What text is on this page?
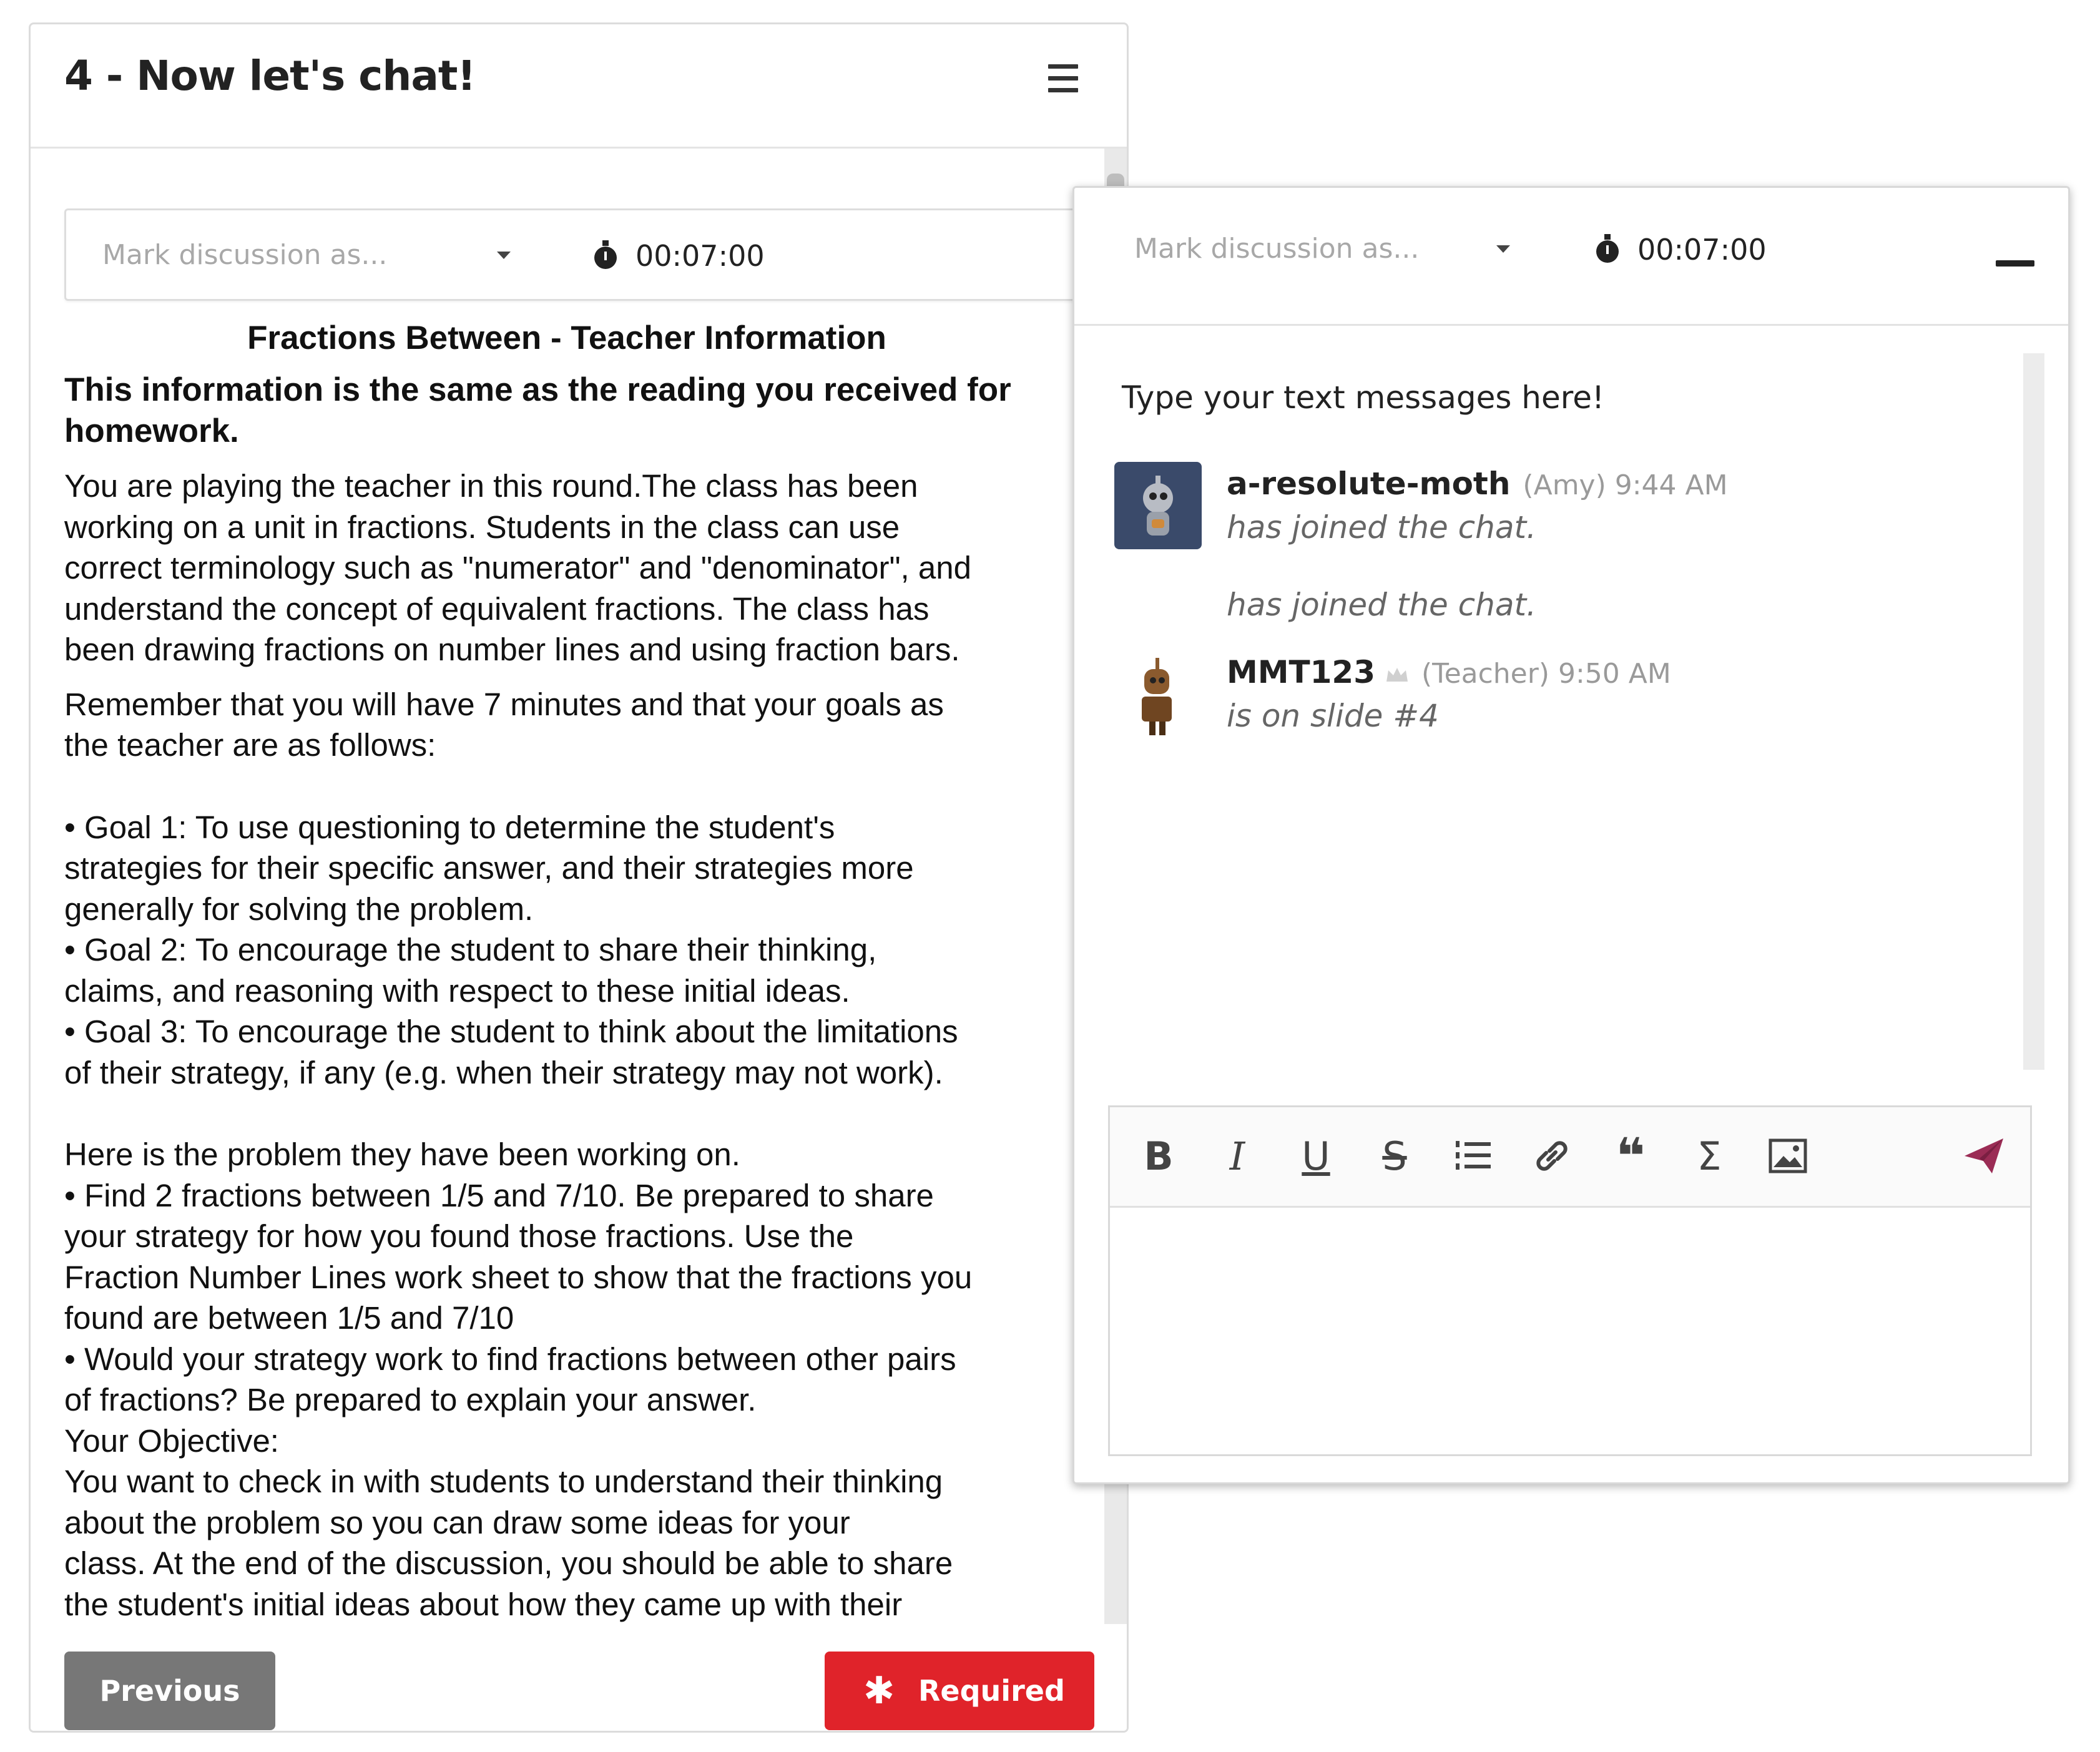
4 - Now let's chat!
Mark discussion as...	00:07:00
Fractions Between - Teacher Information
This information is the same as the reading you received for homework.
You are playing the teacher in this round.The class has been
working on a unit in fractions. Students in the class can use
correct terminology such as "numerator" and "denominator", and
understand the concept of equivalent fractions. The class has
been drawing fractions on number lines and using fraction bars.
Remember that you will have 7 minutes and that your goals as
the teacher are as follows:
• Goal 1: To use questioning to determine the student's
strategies for their specific answer, and their strategies more
generally for solving the problem.
• Goal 2: To encourage the student to share their thinking,
claims, and reasoning with respect to these initial ideas.
• Goal 3: To encourage the student to think about the limitations
of their strategy, if any (e.g. when their strategy may not work).
Here is the problem they have been working on.
• Find 2 fractions between 1/5 and 7/10. Be prepared to share
your strategy for how you found those fractions. Use the
Fraction Number Lines work sheet to show that the fractions you
found are between 1/5 and 7/10
• Would your strategy work to find fractions between other pairs
of fractions? Be prepared to explain your answer.
Your Objective:
You want to check in with students to understand their thinking
about the problem so you can draw some ideas for your
class. At the end of the discussion, you should be able to share
the student's initial ideas about how they came up with their
Previous	✱ Required
Mark discussion as...	00:07:00
Type your text messages here!
a-resolute-moth (Amy) 9:44 AM
has joined the chat.
has joined the chat.
MMT123 (Teacher) 9:50 AM
is on slide #4
B	I	U S	❝ Σ
